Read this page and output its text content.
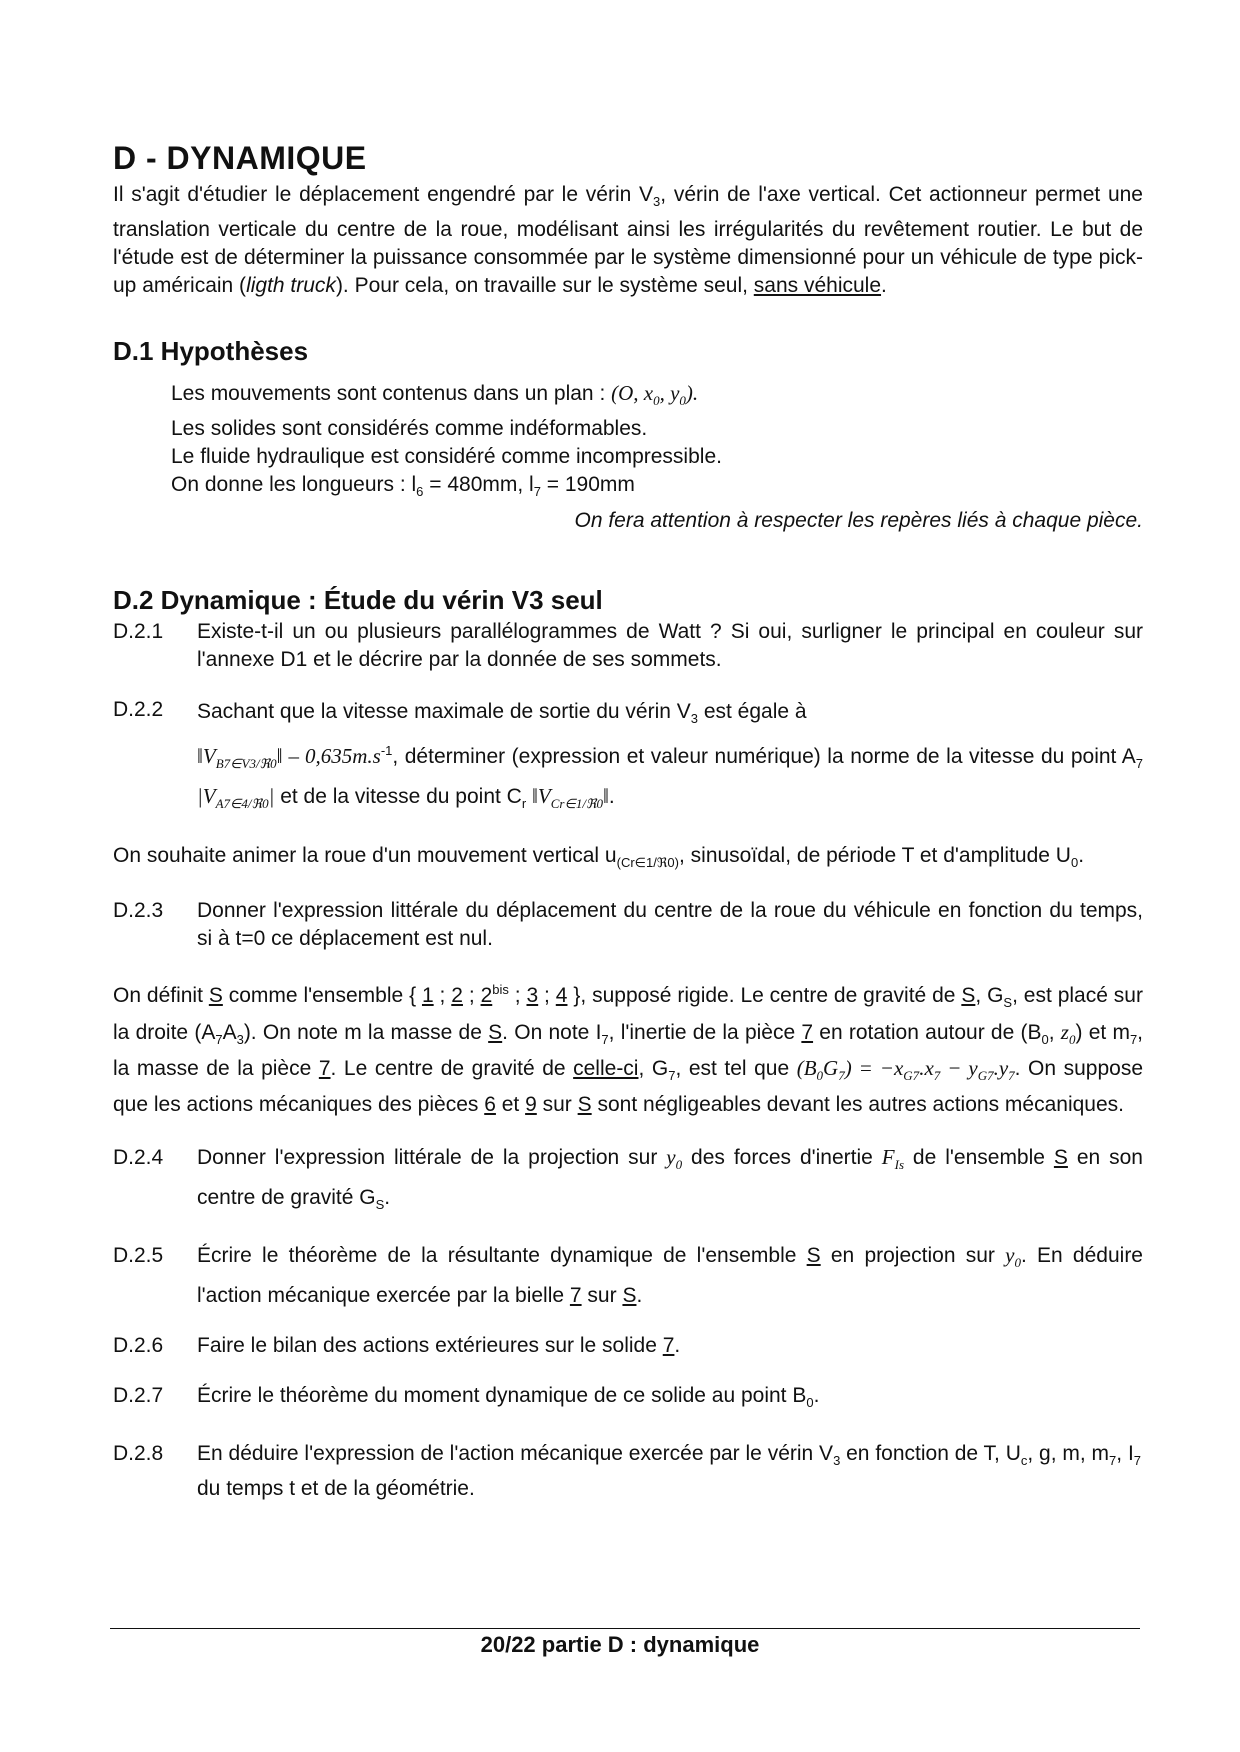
D - DYNAMIQUE

Il s'agit d'étudier le déplacement engendré par le vérin $V_3$, vérin de l'axe vertical. Cet actionneur permet une translation verticale du centre de la roue, modélisant ainsi les irrégularités du revêtement routier. Le but de l'étude est de déterminer la puissance consommée par le système dimensionné pour un véhicule de type pick-up américain (ligth truck). Pour cela, on travaille sur le système seul, sans véhicule.

D.1 Hypothèses
Les mouvements sont contenus dans un plan : (O, $x_0$, $y_0$).
Les solides sont considérés comme indéformables.
Le fluide hydraulique est considéré comme incompressible.
On donne les longueurs : $l_6 = 480mm$, $l_7 = 190mm$
On fera attention à respecter les repères liés à chaque pièce.
D.2 Dynamique : Étude du vérin V3 seul
D.2.1	Existe-t-il un ou plusieurs parallélogrammes de Watt ? Si oui, surligner le principal en couleur sur l'annexe D1 et le décrire par la donnée de ses sommets.
D.2.2	Sachant que la vitesse maximale de sortie du vérin $V_3$ est égale à
$‖V_{B7\in V3/ℜ0}‖ - 0,635m.s^{-1}$, déterminer (expression et valeur numérique) la norme de la vitesse du point $A_7$ $|V_{A7\in 4/ℜ0}|$ et de la vitesse du point $C_r$ $‖V_{Cr\in 1/ℜ0}‖$.

On souhaite animer la roue d'un mouvement vertical $u_{(Cr\in 1/ℜ0)}$, sinusoïdal, de période T et d'amplitude $U_0$.

D.2.3	Donner l'expression littérale du déplacement du centre de la roue du véhicule en fonction du temps, si à t=0 ce déplacement est nul.

On définit S comme l'ensemble { 1 ; 2 ; $2^{bis}$ ; 3 ; 4 }, supposé rigide. Le centre de gravité de S, $G_S$, est placé sur la droite $(A_7A_3)$. On note m la masse de S. On note $I_7$, l'inertie de la pièce 7 en rotation autour de ($B_0$, $z_0$) et $m_7$, la masse de la pièce 7. Le centre de gravité de celle-ci, $G_7$, est tel que $(B_0G_7) = -x_{G7}.x_7 - y_{G7}.y_7$. On suppose que les actions mécaniques des pièces 6 et 9 sur S sont négligeables devant les autres actions mécaniques.

D.2.4	Donner l'expression littérale de la projection sur $y_0$ des forces d'inertie $F_{Is}$ de l'ensemble S en son centre de gravité $G_S$.
D.2.5	Écrire le théorème de la résultante dynamique de l'ensemble S en projection sur $y_0$. En déduire l'action mécanique exercée par la bielle 7 sur S.
D.2.6	Faire le bilan des actions extérieures sur le solide 7.
D.2.7	Écrire le théorème du moment dynamique de ce solide au point $B_0$.
D.2.8	En déduire l'expression de l'action mécanique exercée par le vérin $V_3$ en fonction de T, $U_c$, g, m, $m_7$, $I_7$ du temps t et de la géométrie.
20/22 partie D : dynamique
